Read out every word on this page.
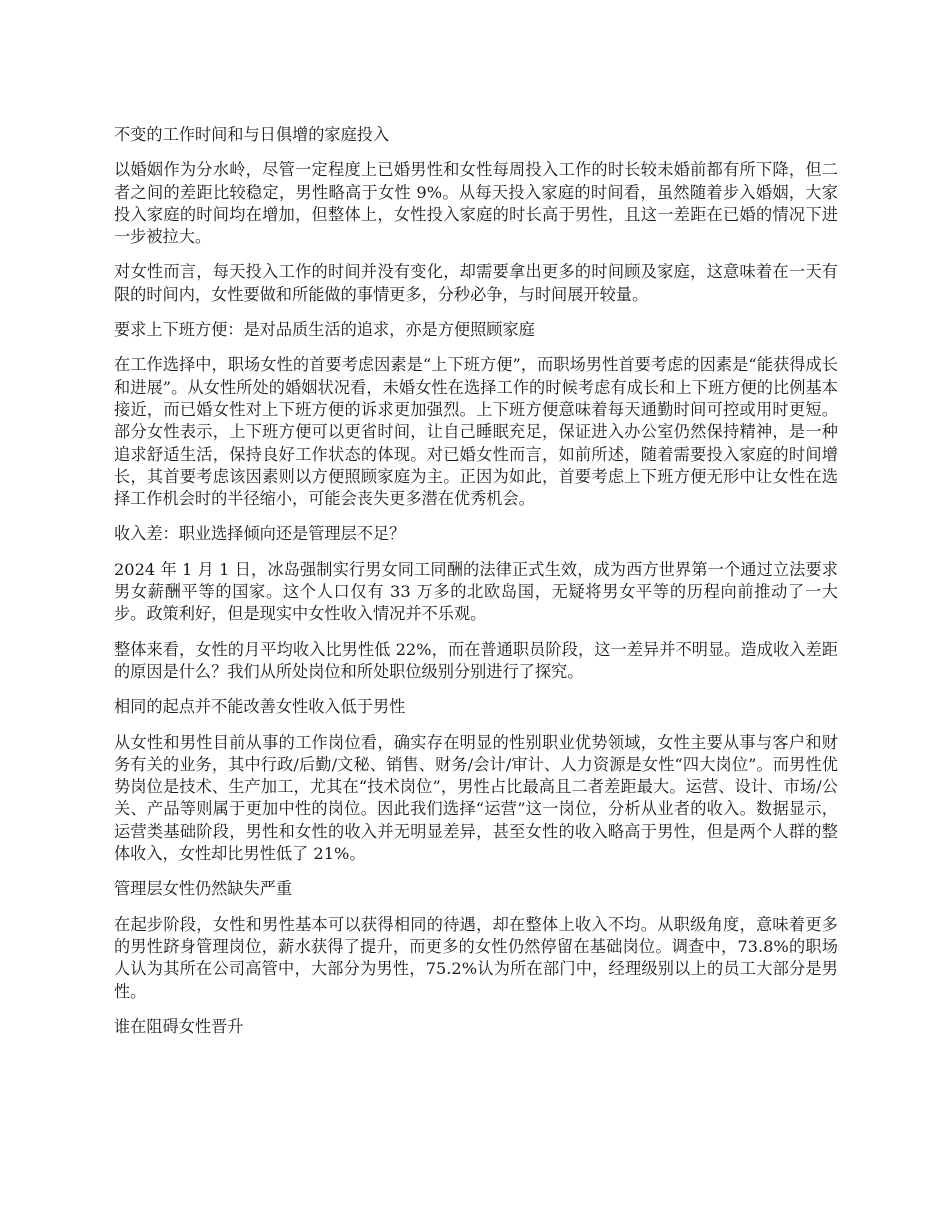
不变的工作时间和与日俱增的家庭投入
以婚姻作为分水岭，尽管一定程度上已婚男性和女性每周投入工作的时长较未婚前都有所下降，但二者之间的差距比较稳定，男性略高于女性 9%。从每天投入家庭的时间看，虽然随着步入婚姻，大家投入家庭的时间均在增加，但整体上，女性投入家庭的时长高于男性，且这一差距在已婚的情况下进一步被拉大。
对女性而言，每天投入工作的时间并没有变化，却需要拿出更多的时间顾及家庭，这意味着在一天有限的时间内，女性要做和所能做的事情更多，分秒必争，与时间展开较量。
要求上下班方便：是对品质生活的追求，亦是方便照顾家庭
在工作选择中，职场女性的首要考虑因素是“上下班方便”，而职场男性首要考虑的因素是“能获得成长和进展”。从女性所处的婚姻状况看，未婚女性在选择工作的时候考虑有成长和上下班方便的比例基本接近，而已婚女性对上下班方便的诉求更加强烈。上下班方便意味着每天通勤时间可控或用时更短。部分女性表示，上下班方便可以更省时间，让自己睡眠充足，保证进入办公室仍然保持精神，是一种追求舒适生活，保持良好工作状态的体现。对已婚女性而言，如前所述，随着需要投入家庭的时间增长，其首要考虑该因素则以方便照顾家庭为主。正因为如此，首要考虑上下班方便无形中让女性在选择工作机会时的半径缩小，可能会丧失更多潜在优秀机会。
收入差：职业选择倾向还是管理层不足？
2024 年 1 月 1 日，冰岛强制实行男女同工同酬的法律正式生效，成为西方世界第一个通过立法要求男女薪酬平等的国家。这个人口仅有 33 万多的北欧岛国，无疑将男女平等的历程向前推动了一大步。政策利好，但是现实中女性收入情况并不乐观。
整体来看，女性的月平均收入比男性低 22%，而在普通职员阶段，这一差异并不明显。造成收入差距的原因是什么？我们从所处岗位和所处职位级别分别进行了探究。
相同的起点并不能改善女性收入低于男性
从女性和男性目前从事的工作岗位看，确实存在明显的性别职业优势领域，女性主要从事与客户和财务有关的业务，其中行政/后勤/文秘、销售、财务/会计/审计、人力资源是女性“四大岗位”。而男性优势岗位是技术、生产加工，尤其在“技术岗位”，男性占比最高且二者差距最大。运营、设计、市场/公关、产品等则属于更加中性的岗位。因此我们选择“运营”这一岗位，分析从业者的收入。数据显示，运营类基础阶段，男性和女性的收入并无明显差异，甚至女性的收入略高于男性，但是两个人群的整体收入，女性却比男性低了 21%。
管理层女性仍然缺失严重
在起步阶段，女性和男性基本可以获得相同的待遇，却在整体上收入不均。从职级角度，意味着更多的男性跻身管理岗位，薪水获得了提升，而更多的女性仍然停留在基础岗位。调查中，73.8%的职场人认为其所在公司高管中，大部分为男性，75.2%认为所在部门中，经理级别以上的员工大部分是男性。
谁在阻碍女性晋升
